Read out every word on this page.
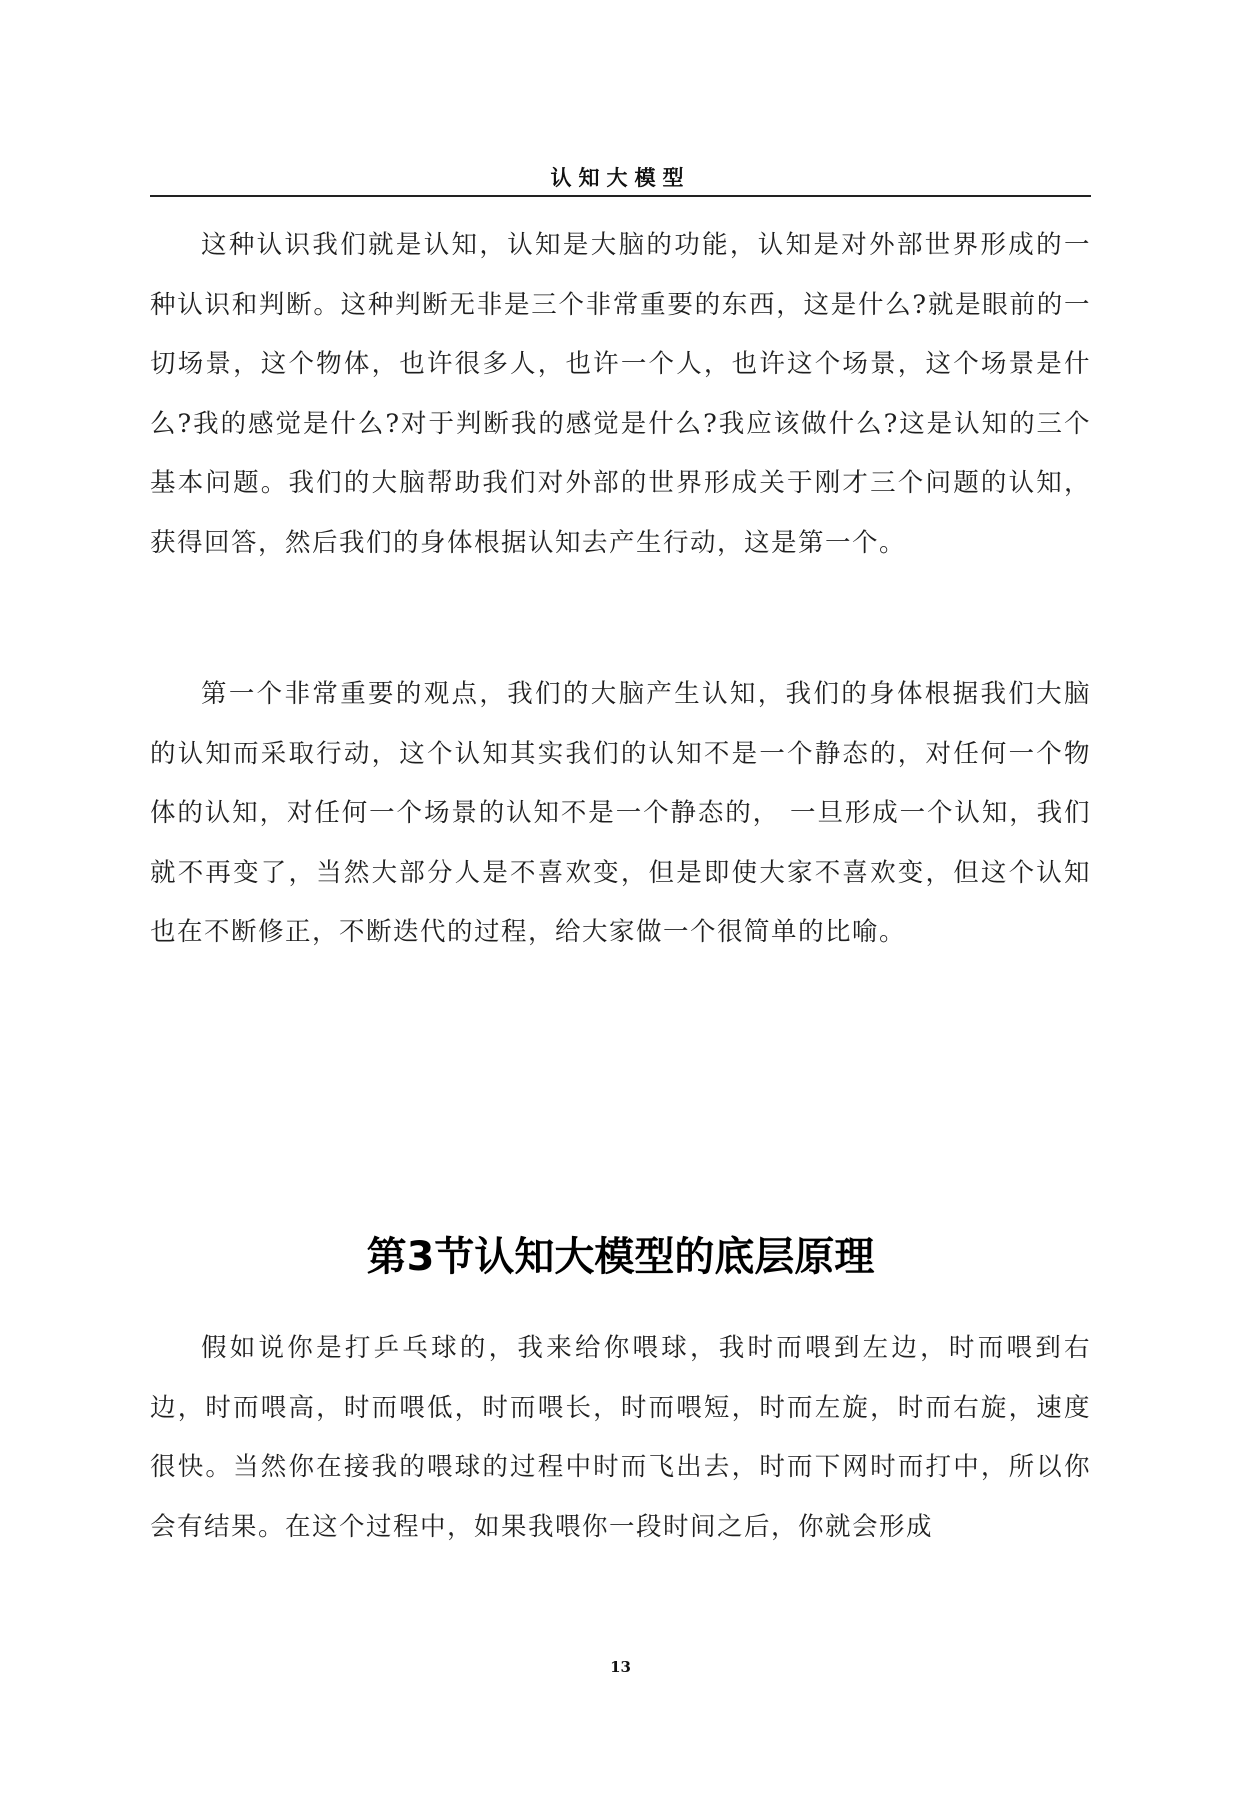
认知大模型

这种认识我们就是认知，认知是大脑的功能，认知是对外部世界形成的一种认识和判断。这种判断无非是三个非常重要的东西，这是什么?就是眼前的一切场景，这个物体，也许很多人，也许一个人，也许这个场景，这个场景是什么?我的感觉是什么?对于判断我的感觉是什么?我应该做什么?这是认知的三个基本问题。我们的大脑帮助我们对外部的世界形成关于刚才三个问题的认知，获得回答，然后我们的身体根据认知去产生行动，这是第一个。

第一个非常重要的观点，我们的大脑产生认知，我们的身体根据我们大脑的认知而采取行动，这个认知其实我们的认知不是一个静态的，对任何一个物体的认知，对任何一个场景的认知不是一个静态的， 一旦形成一个认知，我们就不再变了，当然大部分人是不喜欢变，但是即使大家不喜欢变，但这个认知也在不断修正，不断迭代的过程，给大家做一个很简单的比喻。

第3节认知大模型的底层原理

假如说你是打乒乓球的，我来给你喂球，我时而喂到左边，时而喂到右边，时而喂高，时而喂低，时而喂长，时而喂短，时而左旋，时而右旋，速度很快。当然你在接我的喂球的过程中时而飞出去，时而下网时而打中，所以你会有结果。在这个过程中，如果我喂你一段时间之后，你就会形成

13
